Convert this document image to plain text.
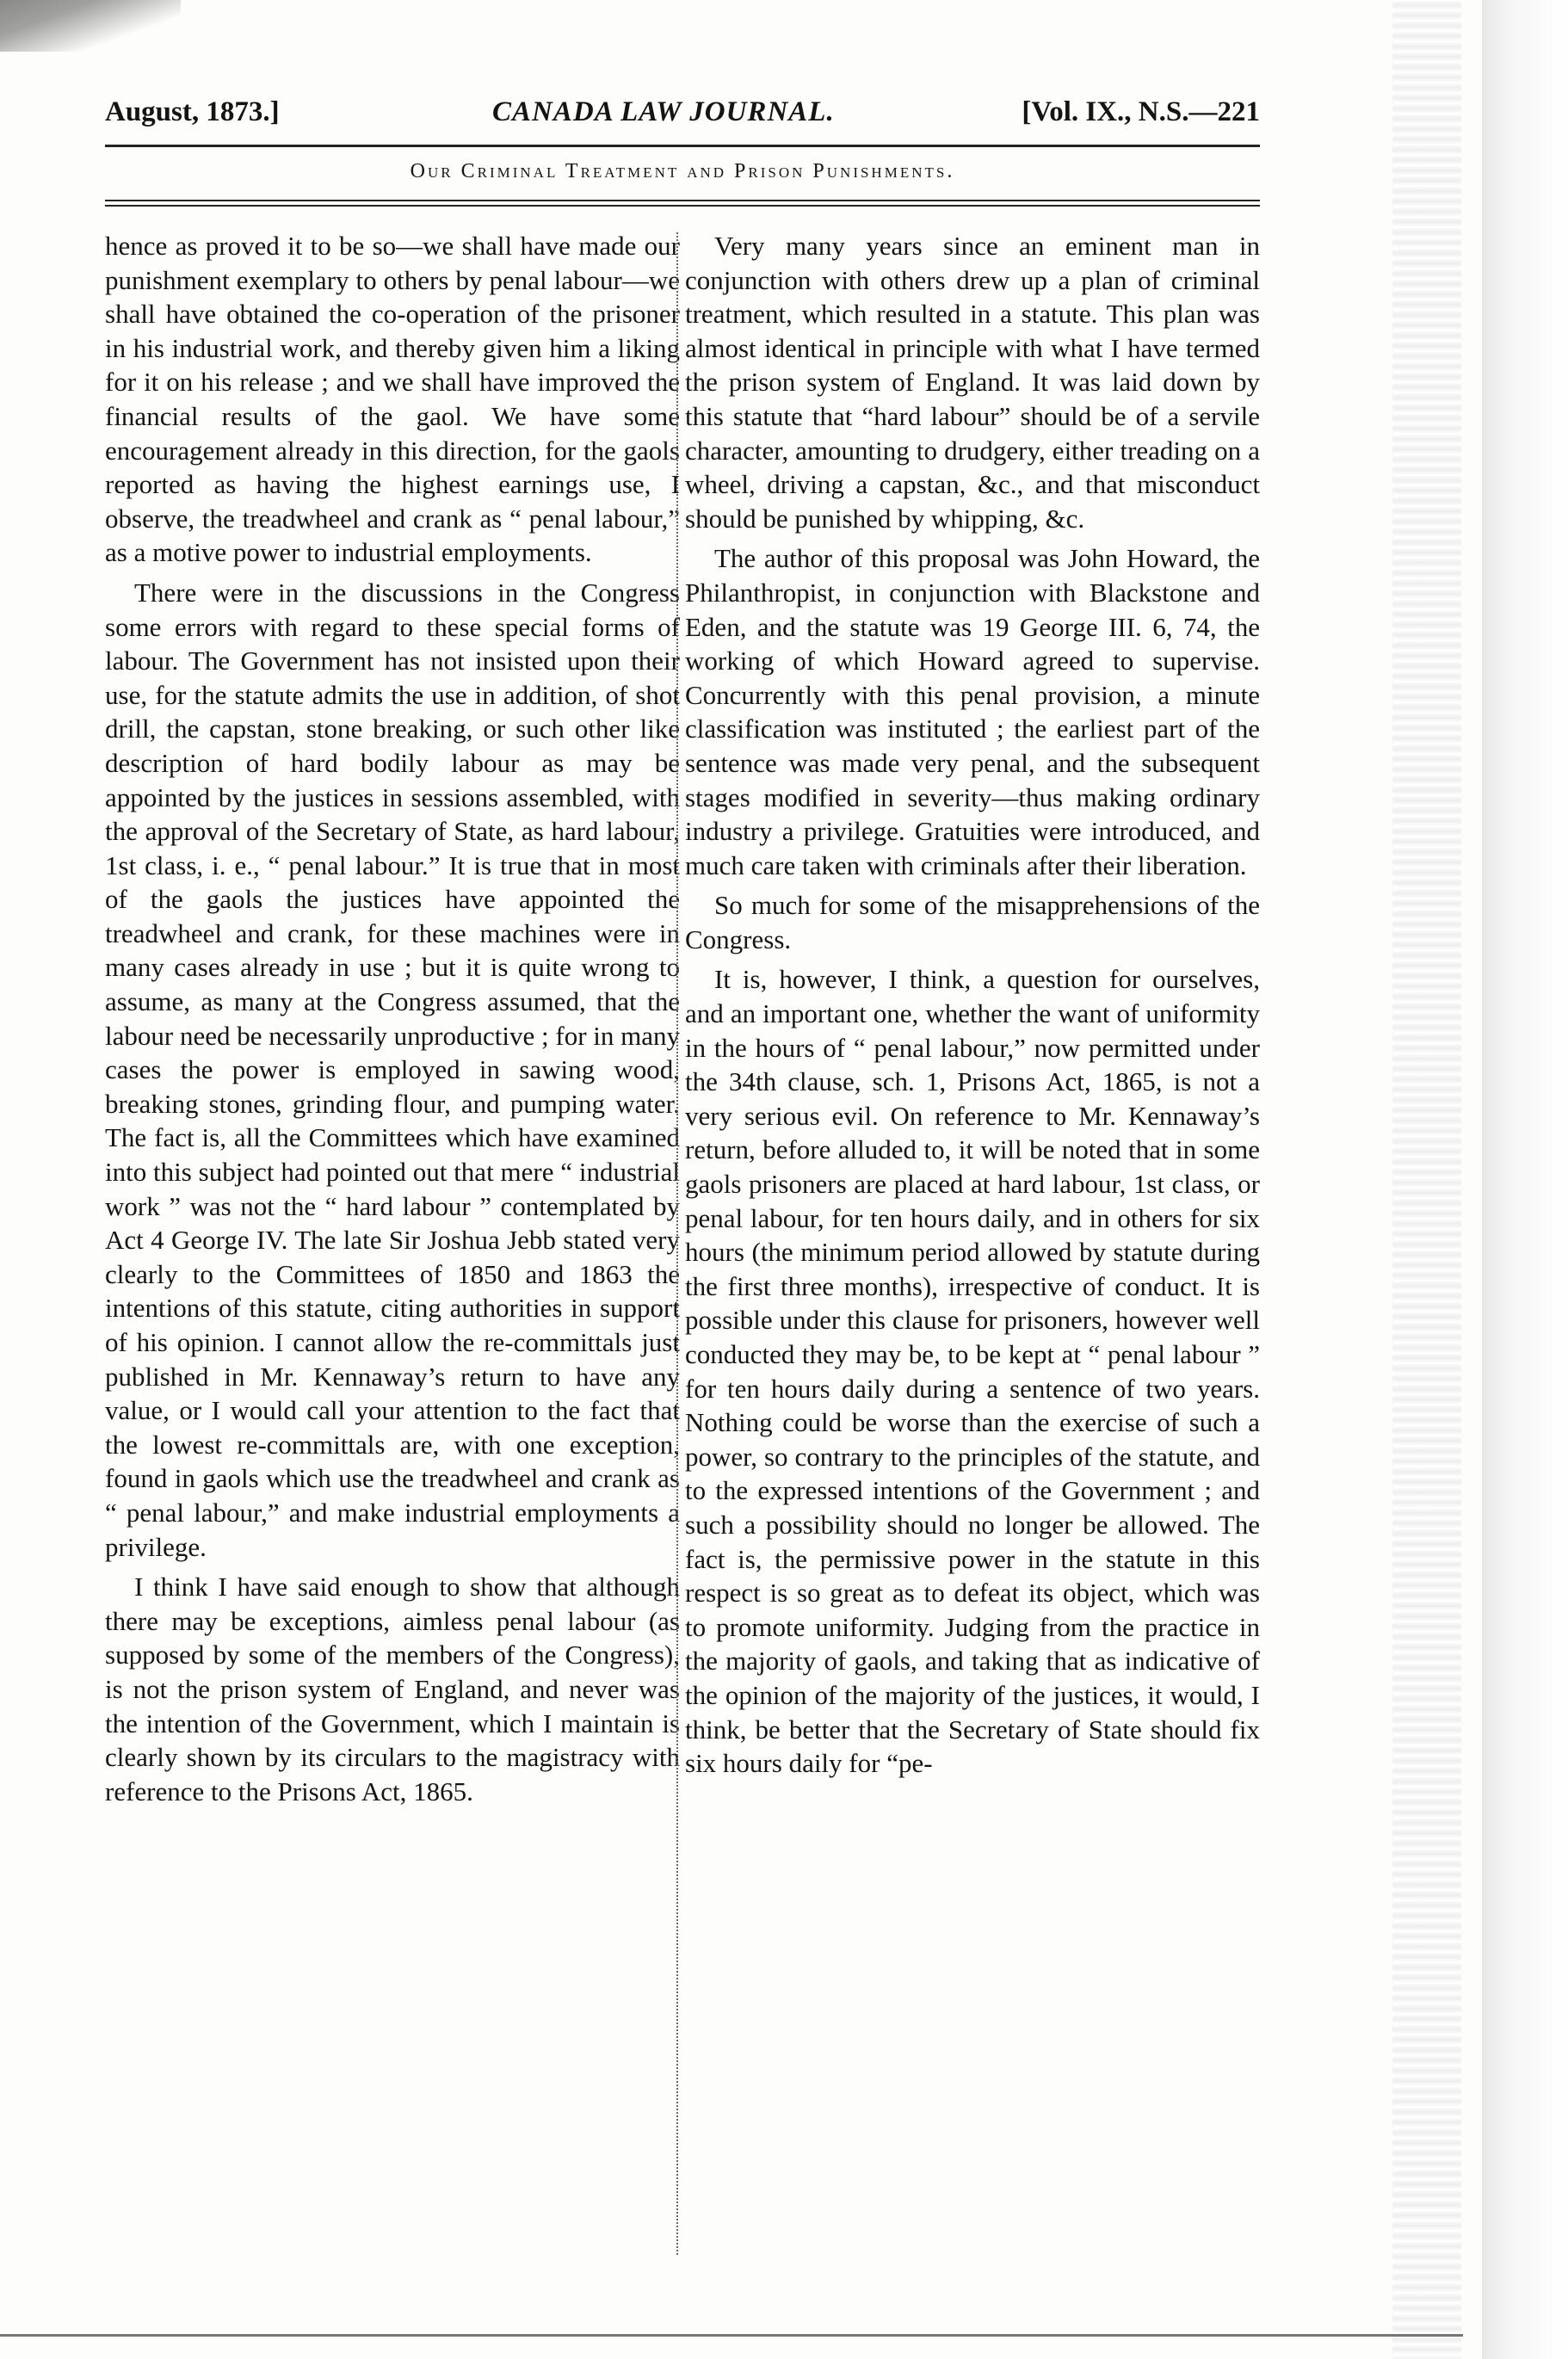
August, 1873.]	CANADA LAW JOURNAL.	[Vol. IX., N.S.—221
Our Criminal Treatment and Prison Punishments.

hence as proved it to be so—we shall have made our punishment exemplary to others by penal labour—we shall have obtained the co-operation of the prisoner in his industrial work, and thereby given him a liking for it on his release ; and we shall have improved the financial results of the gaol. We have some encouragement already in this direction, for the gaols reported as having the highest earnings use, I observe, the treadwheel and crank as “ penal labour,” as a motive power to industrial employments.

There were in the discussions in the Congress some errors with regard to these special forms of labour. The Government has not insisted upon their use, for the statute admits the use in addition, of shot drill, the capstan, stone breaking, or such other like description of hard bodily labour as may be appointed by the justices in sessions assembled, with the approval of the Secretary of State, as hard labour, 1st class, i. e., “ penal labour.” It is true that in most of the gaols the justices have appointed the treadwheel and crank, for these machines were in many cases already in use ; but it is quite wrong to assume, as many at the Congress assumed, that the labour need be necessarily unproductive ; for in many cases the power is employed in sawing wood, breaking stones, grinding flour, and pumping water. The fact is, all the Committees which have examined into this subject had pointed out that mere “ industrial work ” was not the “ hard labour ” contemplated by Act 4 George IV. The late Sir Joshua Jebb stated very clearly to the Committees of 1850 and 1863 the intentions of this statute, citing authorities in support of his opinion. I cannot allow the re-committals just published in Mr. Kennaway’s return to have any value, or I would call your attention to the fact that the lowest re-committals are, with one exception, found in gaols which use the treadwheel and crank as “ penal labour,” and make industrial employments a privilege.

I think I have said enough to show that although there may be exceptions, aimless penal labour (as supposed by some of the members of the Congress), is not the prison system of England, and never was the intention of the Government, which I maintain is clearly shown by its circulars to the magistracy with reference to the Prisons Act, 1865.

Very many years since an eminent man in conjunction with others drew up a plan of criminal treatment, which resulted in a statute. This plan was almost identical in principle with what I have termed the prison system of England. It was laid down by this statute that “hard labour” should be of a servile character, amounting to drudgery, either treading on a wheel, driving a capstan, &c., and that misconduct should be punished by whipping, &c.

The author of this proposal was John Howard, the Philanthropist, in conjunction with Blackstone and Eden, and the statute was 19 George III. 6, 74, the working of which Howard agreed to supervise. Concurrently with this penal provision, a minute classification was instituted ; the earliest part of the sentence was made very penal, and the subsequent stages modified in severity—thus making ordinary industry a privilege. Gratuities were introduced, and much care taken with criminals after their liberation.

So much for some of the misapprehensions of the Congress.

It is, however, I think, a question for ourselves, and an important one, whether the want of uniformity in the hours of “ penal labour,” now permitted under the 34th clause, sch. 1, Prisons Act, 1865, is not a very serious evil. On reference to Mr. Kennaway’s return, before alluded to, it will be noted that in some gaols prisoners are placed at hard labour, 1st class, or penal labour, for ten hours daily, and in others for six hours (the minimum period allowed by statute during the first three months), irrespective of conduct. It is possible under this clause for prisoners, however well conducted they may be, to be kept at “ penal labour ” for ten hours daily during a sentence of two years. Nothing could be worse than the exercise of such a power, so contrary to the principles of the statute, and to the expressed intentions of the Government ; and such a possibility should no longer be allowed. The fact is, the permissive power in the statute in this respect is so great as to defeat its object, which was to promote uniformity. Judging from the practice in the majority of gaols, and taking that as indicative of the opinion of the majority of the justices, it would, I think, be better that the Secretary of State should fix six hours daily for “pe-
